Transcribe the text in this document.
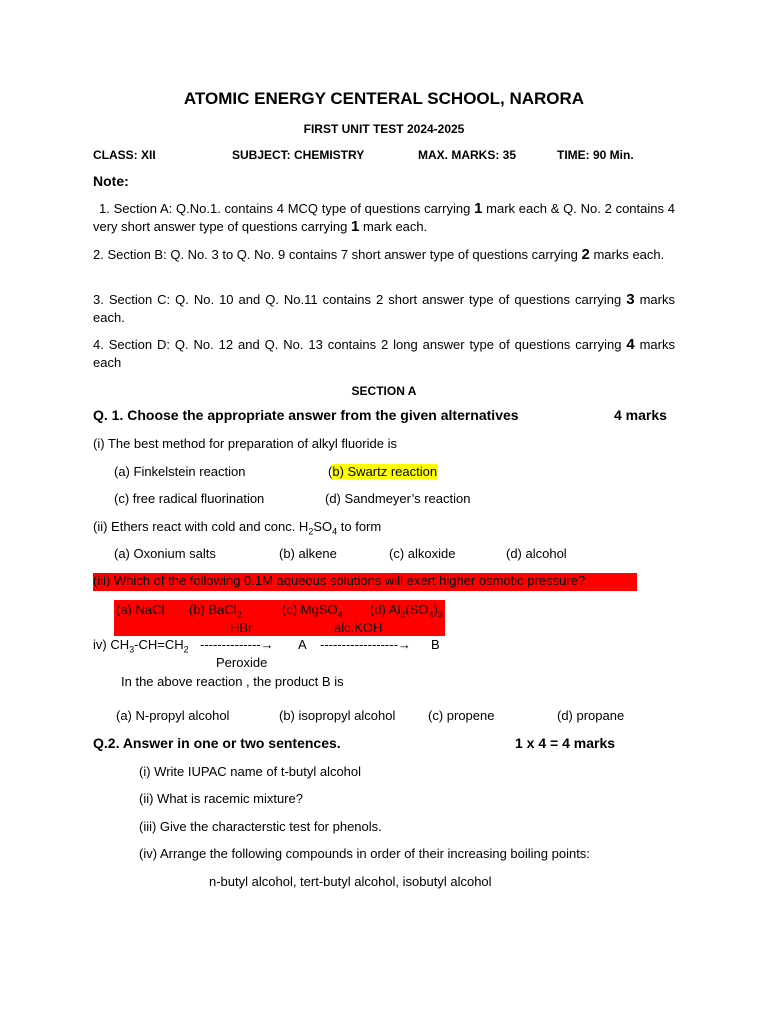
ATOMIC ENERGY CENTERAL SCHOOL, NARORA
FIRST UNIT TEST 2024-2025
CLASS: XII	SUBJECT: CHEMISTRY	MAX. MARKS: 35	TIME: 90 Min.
Note:
1. Section A: Q.No.1. contains 4 MCQ type of questions carrying 1 mark each & Q. No. 2 contains 4 very short answer type of questions carrying 1 mark each.
2. Section B: Q. No. 3 to Q. No. 9 contains 7 short answer type of questions carrying 2 marks each.
3. Section C: Q. No. 10 and Q. No.11 contains 2 short answer type of questions carrying 3 marks each.
4. Section D: Q. No. 12 and Q. No. 13 contains 2 long answer type of questions carrying 4 marks each
SECTION A
Q. 1. Choose the appropriate answer from the given alternatives	4 marks
(i) The best method for preparation of alkyl fluoride is
(a) Finkelstein reaction	(b) Swartz reaction
(c) free radical fluorination	(d) Sandmeyer’s reaction
(ii) Ethers react with cold and conc. $H_2SO_4$ to form
(a) Oxonium salts	(b) alkene	(c) alkoxide	(d) alcohol
(iii) Which of the following 0.1M aqueous solutions will exert higher osmotic pressure?
(a) NaCl (b) BaCl$_2$	(c) MgSO$_4$ (d) $Al_2(SO_4)_3$
HBr	alc.KOH
iv) $CH_3-CH=CH_2$ --------------→ A ------------------→ B
Peroxide
In the above reaction , the product B is
(a) N-propyl alcohol	(b) isopropyl alcohol	(c) propene	(d) propane
Q.2. Answer in one or two sentences.	1 x 4 = 4 marks
(i) Write IUPAC name of t-butyl alcohol
(ii) What is racemic mixture?
(iii) Give the characterstic test for phenols.
(iv) Arrange the following compounds in order of their increasing boiling points:
n-butyl alcohol, tert-butyl alcohol, isobutyl alcohol
